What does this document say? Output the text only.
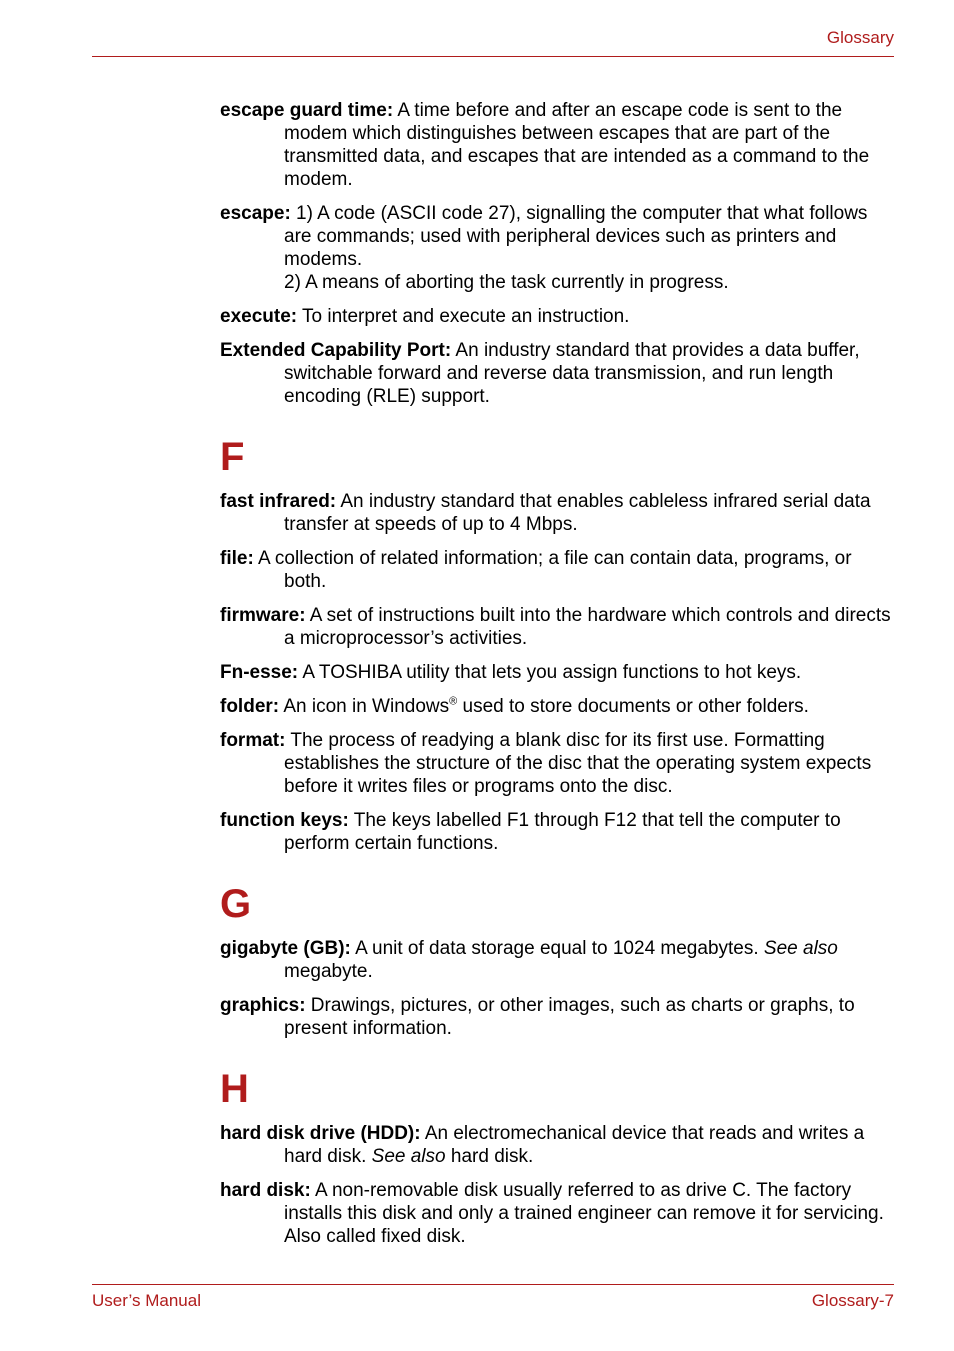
Glossary
escape guard time: A time before and after an escape code is sent to the modem which distinguishes between escapes that are part of the transmitted data, and escapes that are intended as a command to the modem.
escape: 1) A code (ASCII code 27), signalling the computer that what follows are commands; used with peripheral devices such as printers and modems.
2) A means of aborting the task currently in progress.
execute: To interpret and execute an instruction.
Extended Capability Port: An industry standard that provides a data buffer, switchable forward and reverse data transmission, and run length encoding (RLE) support.
F
fast infrared: An industry standard that enables cableless infrared serial data transfer at speeds of up to 4 Mbps.
file: A collection of related information; a file can contain data, programs, or both.
firmware: A set of instructions built into the hardware which controls and directs a microprocessor’s activities.
Fn-esse: A TOSHIBA utility that lets you assign functions to hot keys.
folder: An icon in Windows® used to store documents or other folders.
format: The process of readying a blank disc for its first use. Formatting establishes the structure of the disc that the operating system expects before it writes files or programs onto the disc.
function keys: The keys labelled F1 through F12 that tell the computer to perform certain functions.
G
gigabyte (GB): A unit of data storage equal to 1024 megabytes. See also megabyte.
graphics: Drawings, pictures, or other images, such as charts or graphs, to present information.
H
hard disk drive (HDD): An electromechanical device that reads and writes a hard disk. See also hard disk.
hard disk: A non-removable disk usually referred to as drive C. The factory installs this disk and only a trained engineer can remove it for servicing. Also called fixed disk.
User’s Manual	Glossary-7
